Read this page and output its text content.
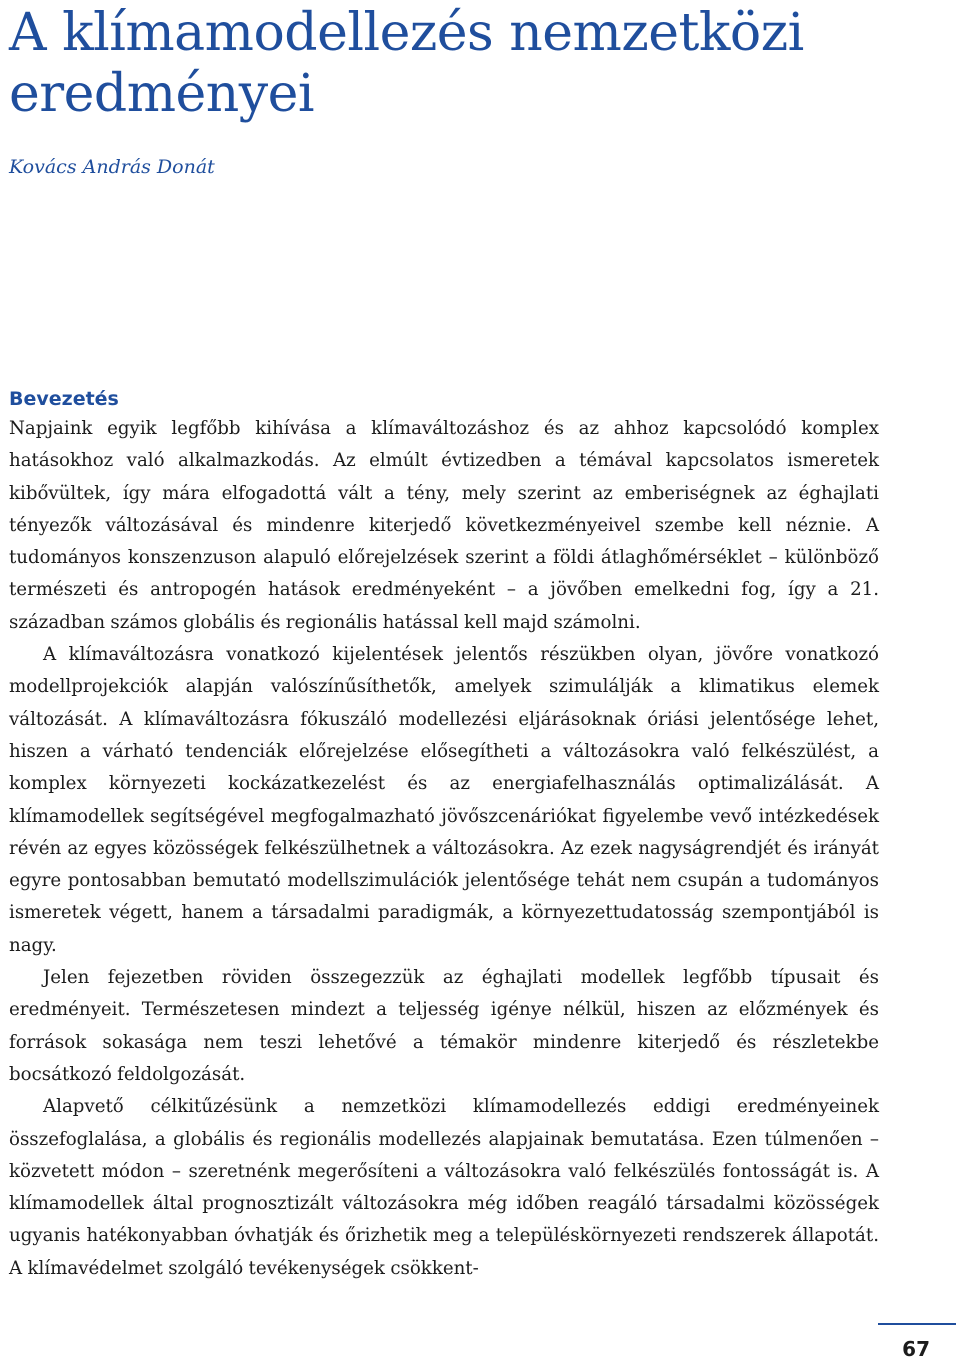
A klímamodellezés nemzetközi eredményei

Kovács András Donát

Bevezetés

Napjaink egyik legfőbb kihívása a klímaváltozáshoz és az ahhoz kapcsolódó komplex hatásokhoz való alkalmazkodás. Az elmúlt évtizedben a témával kapcsolatos ismeretek kibővültek, így mára elfogadottá vált a tény, mely szerint az emberiségnek az éghajlati tényezők változásával és mindenre kiterjedő következményeivel szembe kell néznie. A tudományos konszenzuson alapuló előrejelzések szerint a földi átlaghőmérséklet – különböző természeti és antropogén hatások eredményeként – a jövőben emelkedni fog, így a 21. században számos globális és regionális hatással kell majd számolni.

A klímaváltozásra vonatkozó kijelentések jelentős részükben olyan, jövőre vonatkozó modellprojekciók alapján valószínűsíthetők, amelyek szimulálják a klimatikus elemek változását. A klímaváltozásra fókuszáló modellezési eljárásoknak óriási jelentősége lehet, hiszen a várható tendenciák előrejelzése elősegítheti a változásokra való felkészülést, a komplex környezeti kockázatkezelést és az energiafelhasználás optimalizálását. A klímamodellek segítségével megfogalmazható jövőszcenáriókat figyelembe vevő intézkedések révén az egyes közösségek felkészülhetnek a változásokra. Az ezek nagyságrendjét és irányát egyre pontosabban bemutató modellszimulációk jelentősége tehát nem csupán a tudományos ismeretek végett, hanem a társadalmi paradigmák, a környezettudatosság szempontjából is nagy.

Jelen fejezetben röviden összegezzük az éghajlati modellek legfőbb típusait és eredményeit. Természetesen mindezt a teljesség igénye nélkül, hiszen az előzmények és források sokasága nem teszi lehetővé a témakör mindenre kiterjedő és részletekbe bocsátkozó feldolgozását.

Alapvető célkitűzésünk a nemzetközi klímamodellezés eddigi eredményeinek összefoglalása, a globális és regionális modellezés alapjainak bemutatása. Ezen túlmenően – közvetett módon – szeretnénk megerősíteni a változásokra való felkészülés fontosságát is. A klímamodellek által prognosztizált változásokra még időben reagáló társadalmi közösségek ugyanis hatékonyabban óvhatják és őrizhetik meg a településkörnyezeti rendszerek állapotát. A klímavédelmet szolgáló tevékenységek csökkent-

67
